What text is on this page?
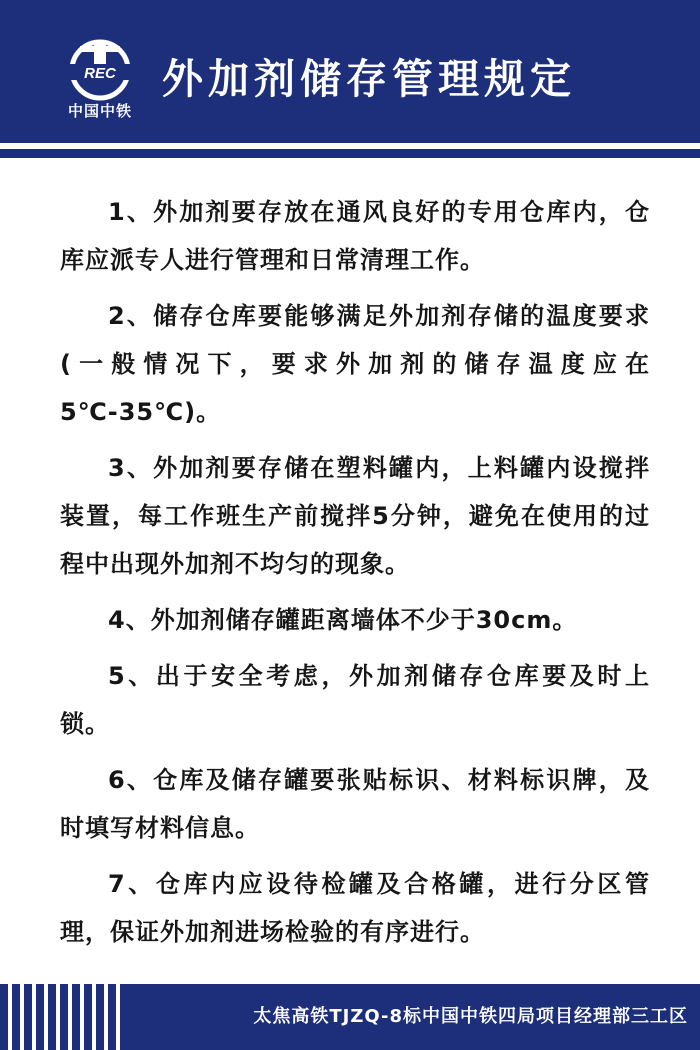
REC
中国中铁
外加剂储存管理规定

1、外加剂要存放在通风良好的专用仓库内，仓库应派专人进行管理和日常清理工作。

2、储存仓库要能够满足外加剂存储的温度要求(一般情况下，要求外加剂的储存温度应在5℃-35℃)。

3、外加剂要存储在塑料罐内，上料罐内设搅拌装置，每工作班生产前搅拌5分钟，避免在使用的过程中出现外加剂不均匀的现象。

4、外加剂储存罐距离墙体不少于30cm。

5、出于安全考虑，外加剂储存仓库要及时上锁。

6、仓库及储存罐要张贴标识、材料标识牌，及时填写材料信息。

7、仓库内应设待检罐及合格罐，进行分区管理，保证外加剂进场检验的有序进行。

太焦高铁TJZQ-8标中国中铁四局项目经理部三工区
